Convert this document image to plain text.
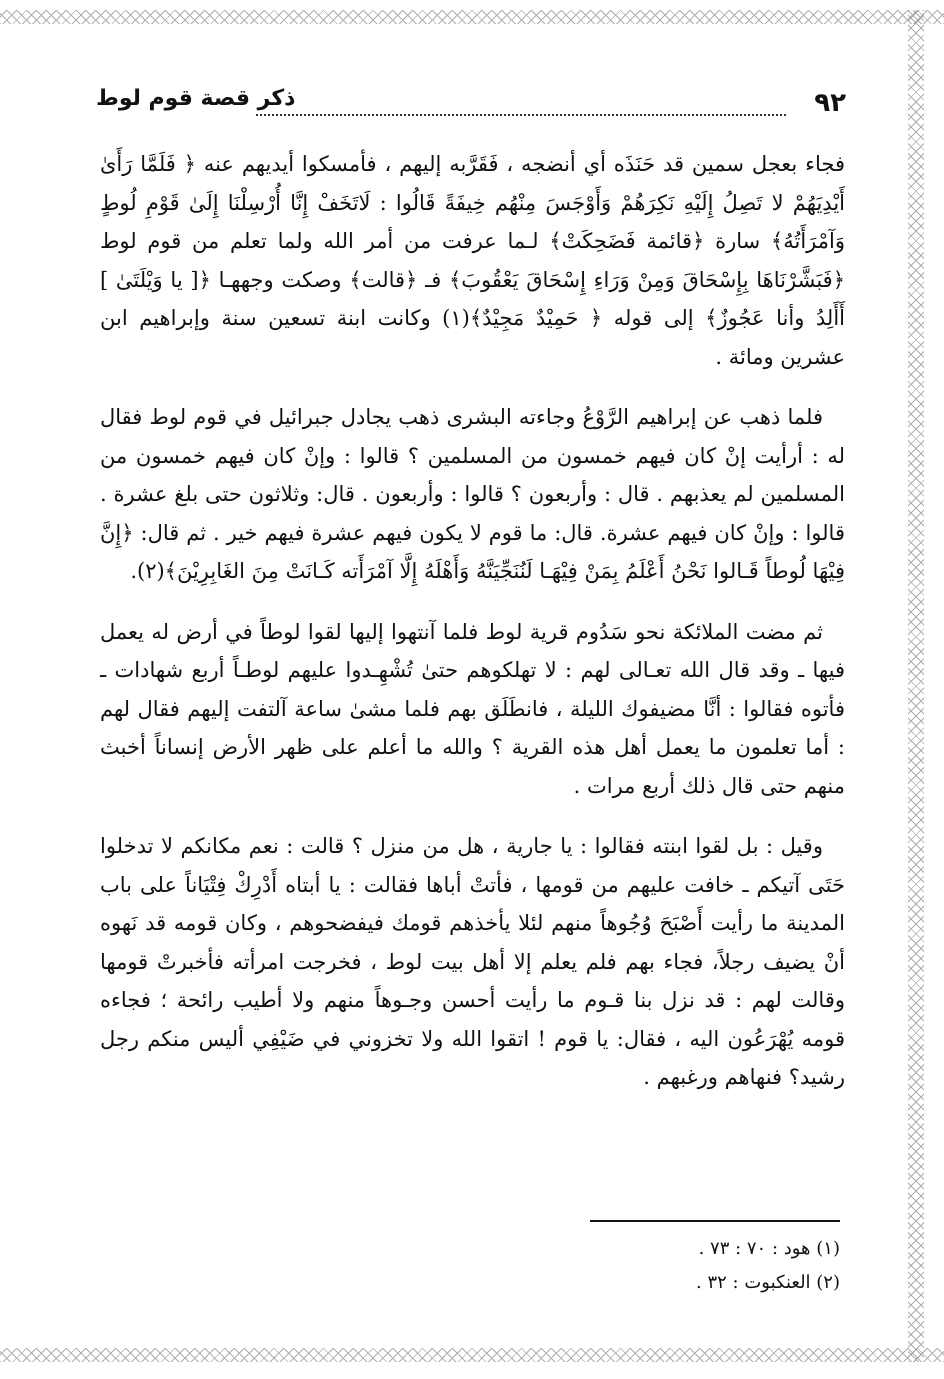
٩٢
ذكر قصة قوم لوط

فجاء بعجل سمين قد حَنَذَه أي أنضجه ، فَقَرَّبه إليهم ، فأمسكوا أيديهم عنه ﴿ فَلَمَّا رَأَىٰ أَيْدِيَهُمْ لا تَصِلُ إِلَيْهِ نَكِرَهُمْ وَأَوْجَسَ مِنْهُم خِيفَةً قَالُوا : لَاتَخَفْ إِنَّا أُرْسِلْنَا إِلَىٰ قَوْمِ لُوطٍ وَآمْرَأَتُهُ﴾ سارة ﴿قائمة فَضَحِكَتْ﴾ لـما عرفت من أمر الله ولما تعلم من قوم لوط ﴿فَبَشَّرْنَاهَا بِإِسْحَاقَ وَمِنْ وَرَاءِ إِسْحَاقَ يَعْقُوبَ﴾ فـ ﴿قالت﴾ وصكت وجههـا ﴿[ يا وَيْلَتَىٰ ] أَأَلِدُ وأنا عَجُوزٌ﴾ إلى قوله ﴿ حَمِيْدٌ مَجِيْدٌ﴾(١) وكانت ابنة تسعين سنة وإبراهيم ابن عشرين ومائة .

فلما ذهب عن إبراهيم الرَّوْعُ وجاءته البشرى ذهب يجادل جبرائيل في قوم لوط فقال له : أرأيت إنْ كان فيهم خمسون من المسلمين ؟ قالوا : وإنْ كان فيهم خمسون من المسلمين لم يعذبهم . قال : وأربعون ؟ قالوا : وأربعون . قال: وثلاثون حتى بلغ عشرة . قالوا : وإنْ كان فيهم عشرة. قال: ما قوم لا يكون فيهم عشرة فيهم خير . ثم قال: ﴿إِنَّ فِيْهَا لُوطاً قَـالوا نَحْنُ أَعْلَمُ بِمَنْ فِيْهَـا لَنُنَجِّيَنَّهُ وَأَهْلَهُ إِلَّا آمْرَأَته كَـانَتْ مِنَ الغَابِرِيْنَ﴾(٢).

ثم مضت الملائكة نحو سَدُوم قرية لوط فلما آنتهوا إليها لقوا لوطاً في أرض له يعمل فيها ـ وقد قال الله تعـالى لهم : لا تهلكوهم حتىٰ تُشْهِـدوا عليهم لوطـاً أربع شهادات ـ فأتوه فقالوا : أنَّا مضيفوك الليلة ، فانطَلَق بهم فلما مشىٰ ساعة آلتفت إليهم فقال لهم : أما تعلمون ما يعمل أهل هذه القرية ؟ والله ما أعلم على ظهر الأرض إنساناً أخبث منهم حتى قال ذلك أربع مرات .

وقيل : بل لقوا ابنته فقالوا : يا جارية ، هل من منزل ؟ قالت : نعم مكانكم لا تدخلوا حَتَى آتيكم ـ خافت عليهم من قومها ، فأتتْ أباها فقالت : يا أبتاه أَدْرِكْ فِتْيَاناً على باب المدينة ما رأيت أَصْبَحَ وُجُوهاً منهم لئلا يأخذهم قومك فيفضحوهم ، وكان قومه قد نَهوه أنْ يضيف رجلاً، فجاء بهم فلم يعلم إلا أهل بيت لوط ، فخرجت امرأته فأخبرتْ قومها وقالت لهم : قد نزل بنا قـوم ما رأيت أحسن وجـوهاً منهم ولا أطيب رائحة ؛ فجاءه قومه يُهْرَعُون اليه ، فقال: يا قوم ! اتقوا الله ولا تخزوني في ضَيْفِي أليس منكم رجل رشيد؟ فنهاهم ورغبهم .

(١) هود : ٧٠ : ٧٣ .
(٢) العنكبوت : ٣٢ .
